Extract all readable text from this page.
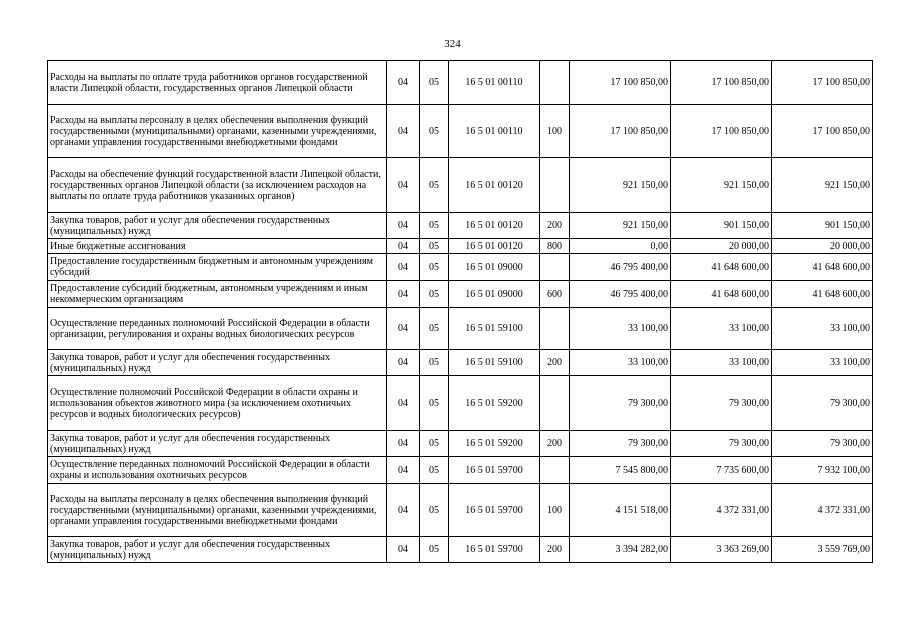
324
Расходы на выплаты по оплате труда работников органов государственной власти Липецкой области, государственных органов Липецкой области	04	05	16 5 01 00110		17 100 850,00	17 100 850,00	17 100 850,00
Расходы на выплаты персоналу в целях обеспечения выполнения функций государственными (муниципальными) органами, казенными учреждениями, органами управления государственными внебюджетными фондами	04	05	16 5 01 00110	100	17 100 850,00	17 100 850,00	17 100 850,00
Расходы на обеспечение функций государственной власти Липецкой области, государственных органов Липецкой области (за исключением расходов на выплаты по оплате труда работников указанных органов)	04	05	16 5 01 00120		921 150,00	921 150,00	921 150,00
Закупка товаров, работ и услуг для обеспечения государственных (муниципальных) нужд	04	05	16 5 01 00120	200	921 150,00	901 150,00	901 150,00
Иные бюджетные ассигнования	04	05	16 5 01 00120	800	0,00	20 000,00	20 000,00
Предоставление государственным бюджетным и автономным учреждениям субсидий	04	05	16 5 01 09000		46 795 400,00	41 648 600,00	41 648 600,00
Предоставление субсидий бюджетным, автономным учреждениям и иным некоммерческим организациям	04	05	16 5 01 09000	600	46 795 400,00	41 648 600,00	41 648 600,00
Осуществление переданных полномочий Российской Федерации в области организации, регулирования и охраны водных биологических ресурсов	04	05	16 5 01 59100		33 100,00	33 100,00	33 100,00
Закупка товаров, работ и услуг для обеспечения государственных (муниципальных) нужд	04	05	16 5 01 59100	200	33 100,00	33 100,00	33 100,00
Осуществление полномочий Российской Федерации в области охраны и использования объектов животного мира (за исключением охотничьих ресурсов и водных биологических ресурсов)	04	05	16 5 01 59200		79 300,00	79 300,00	79 300,00
Закупка товаров, работ и услуг для обеспечения государственных (муниципальных) нужд	04	05	16 5 01 59200	200	79 300,00	79 300,00	79 300,00
Осуществление переданных полномочий Российской Федерации в области охраны и использования охотничьих ресурсов	04	05	16 5 01 59700		7 545 800,00	7 735 600,00	7 932 100,00
Расходы на выплаты персоналу в целях обеспечения выполнения функций государственными (муниципальными) органами, казенными учреждениями, органами управления государственными внебюджетными фондами	04	05	16 5 01 59700	100	4 151 518,00	4 372 331,00	4 372 331,00
Закупка товаров, работ и услуг для обеспечения государственных (муниципальных) нужд	04	05	16 5 01 59700	200	3 394 282,00	3 363 269,00	3 559 769,00
